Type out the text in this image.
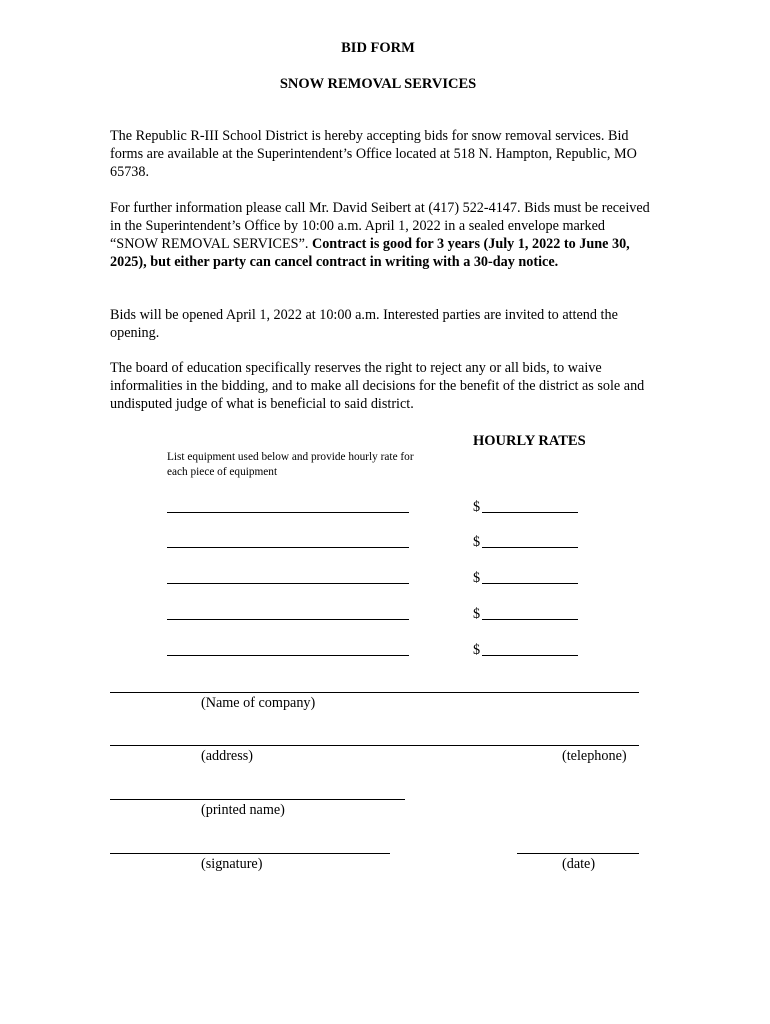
BID FORM
SNOW REMOVAL SERVICES

The Republic R-III School District is hereby accepting bids for snow removal services. Bid forms are available at the Superintendent’s Office located at 518 N. Hampton, Republic, MO 65738.

For further information please call Mr. David Seibert at (417) 522-4147. Bids must be received in the Superintendent’s Office by 10:00 a.m. April 1, 2022 in a sealed envelope marked “SNOW REMOVAL SERVICES”. Contract is good for 3 years (July 1, 2022 to June 30, 2025), but either party can cancel contract in writing with a 30-day notice.

Bids will be opened April 1, 2022 at 10:00 a.m. Interested parties are invited to attend the opening.

The board of education specifically reserves the right to reject any or all bids, to waive informalities in the bidding, and to make all decisions for the benefit of the district as sole and undisputed judge of what is beneficial to said district.

HOURLY RATES
List equipment used below and provide hourly rate for each piece of equipment
$
$
$
$
$
(Name of company)
(address)	(telephone)
(printed name)
(signature)	(date)
